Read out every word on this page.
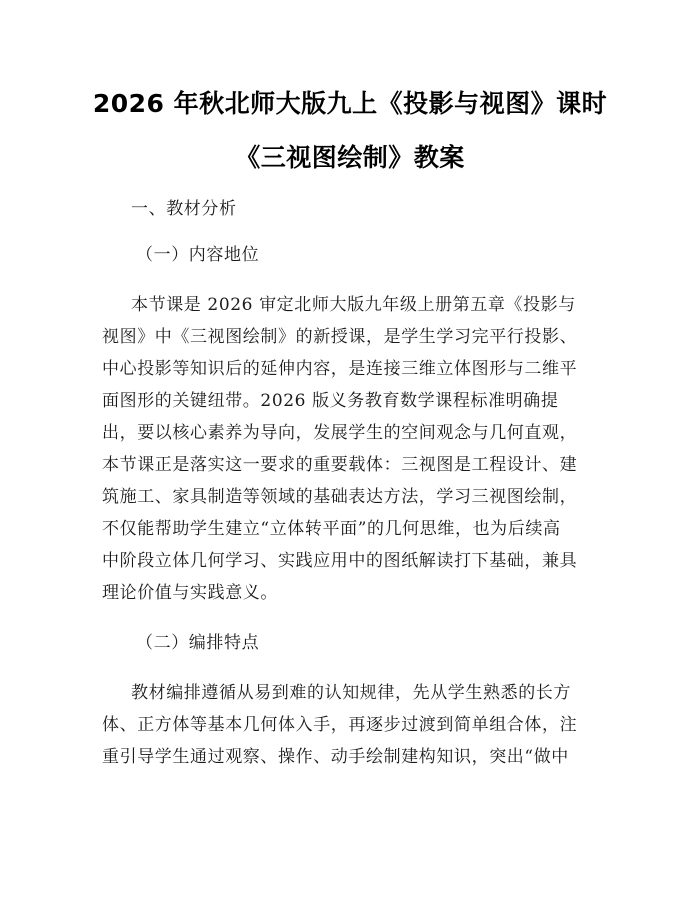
2026 年秋北师大版九上《投影与视图》课时
《三视图绘制》教案
一、教材分析
（一）内容地位
本节课是 2026 审定北师大版九年级上册第五章《投影与
视图》中《三视图绘制》的新授课，是学生学习完平行投影、
中心投影等知识后的延伸内容，是连接三维立体图形与二维平
面图形的关键纽带。2026 版义务教育数学课程标准明确提
出，要以核心素养为导向，发展学生的空间观念与几何直观，
本节课正是落实这一要求的重要载体：三视图是工程设计、建
筑施工、家具制造等领域的基础表达方法，学习三视图绘制，
不仅能帮助学生建立“立体转平面”的几何思维，也为后续高
中阶段立体几何学习、实践应用中的图纸解读打下基础，兼具
理论价值与实践意义。
（二）编排特点
教材编排遵循从易到难的认知规律，先从学生熟悉的长方
体、正方体等基本几何体入手，再逐步过渡到简单组合体，注
重引导学生通过观察、操作、动手绘制建构知识，突出“做中
